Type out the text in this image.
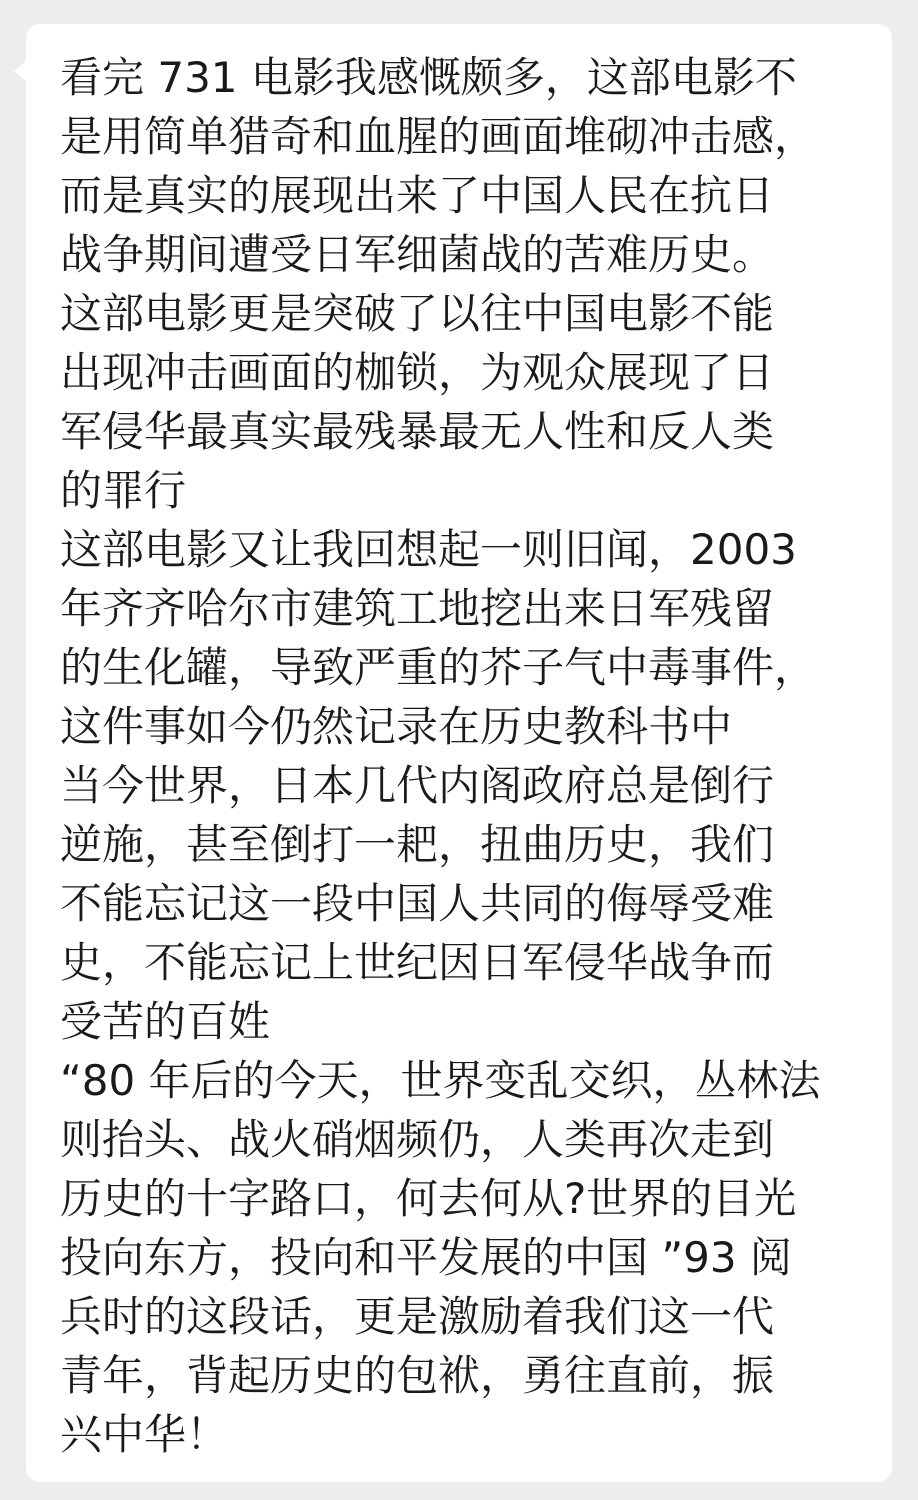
看完 731 电影我感慨颇多，这部电影不
是用简单猎奇和血腥的画面堆砌冲击感，
而是真实的展现出来了中国人民在抗日
战争期间遭受日军细菌战的苦难历史。
这部电影更是突破了以往中国电影不能
出现冲击画面的枷锁，为观众展现了日
军侵华最真实最残暴最无人性和反人类
的罪行
这部电影又让我回想起一则旧闻，2003
年齐齐哈尔市建筑工地挖出来日军残留
的生化罐，导致严重的芥子气中毒事件，
这件事如今仍然记录在历史教科书中
当今世界，日本几代内阁政府总是倒行
逆施，甚至倒打一耙，扭曲历史，我们
不能忘记这一段中国人共同的侮辱受难
史，不能忘记上世纪因日军侵华战争而
受苦的百姓
“80 年后的今天，世界变乱交织，丛林法
则抬头、战火硝烟频仍，人类再次走到
历史的十字路口，何去何从?世界的目光
投向东方，投向和平发展的中国 ”93 阅
兵时的这段话，更是激励着我们这一代
青年，背起历史的包袱，勇往直前，振
兴中华！
